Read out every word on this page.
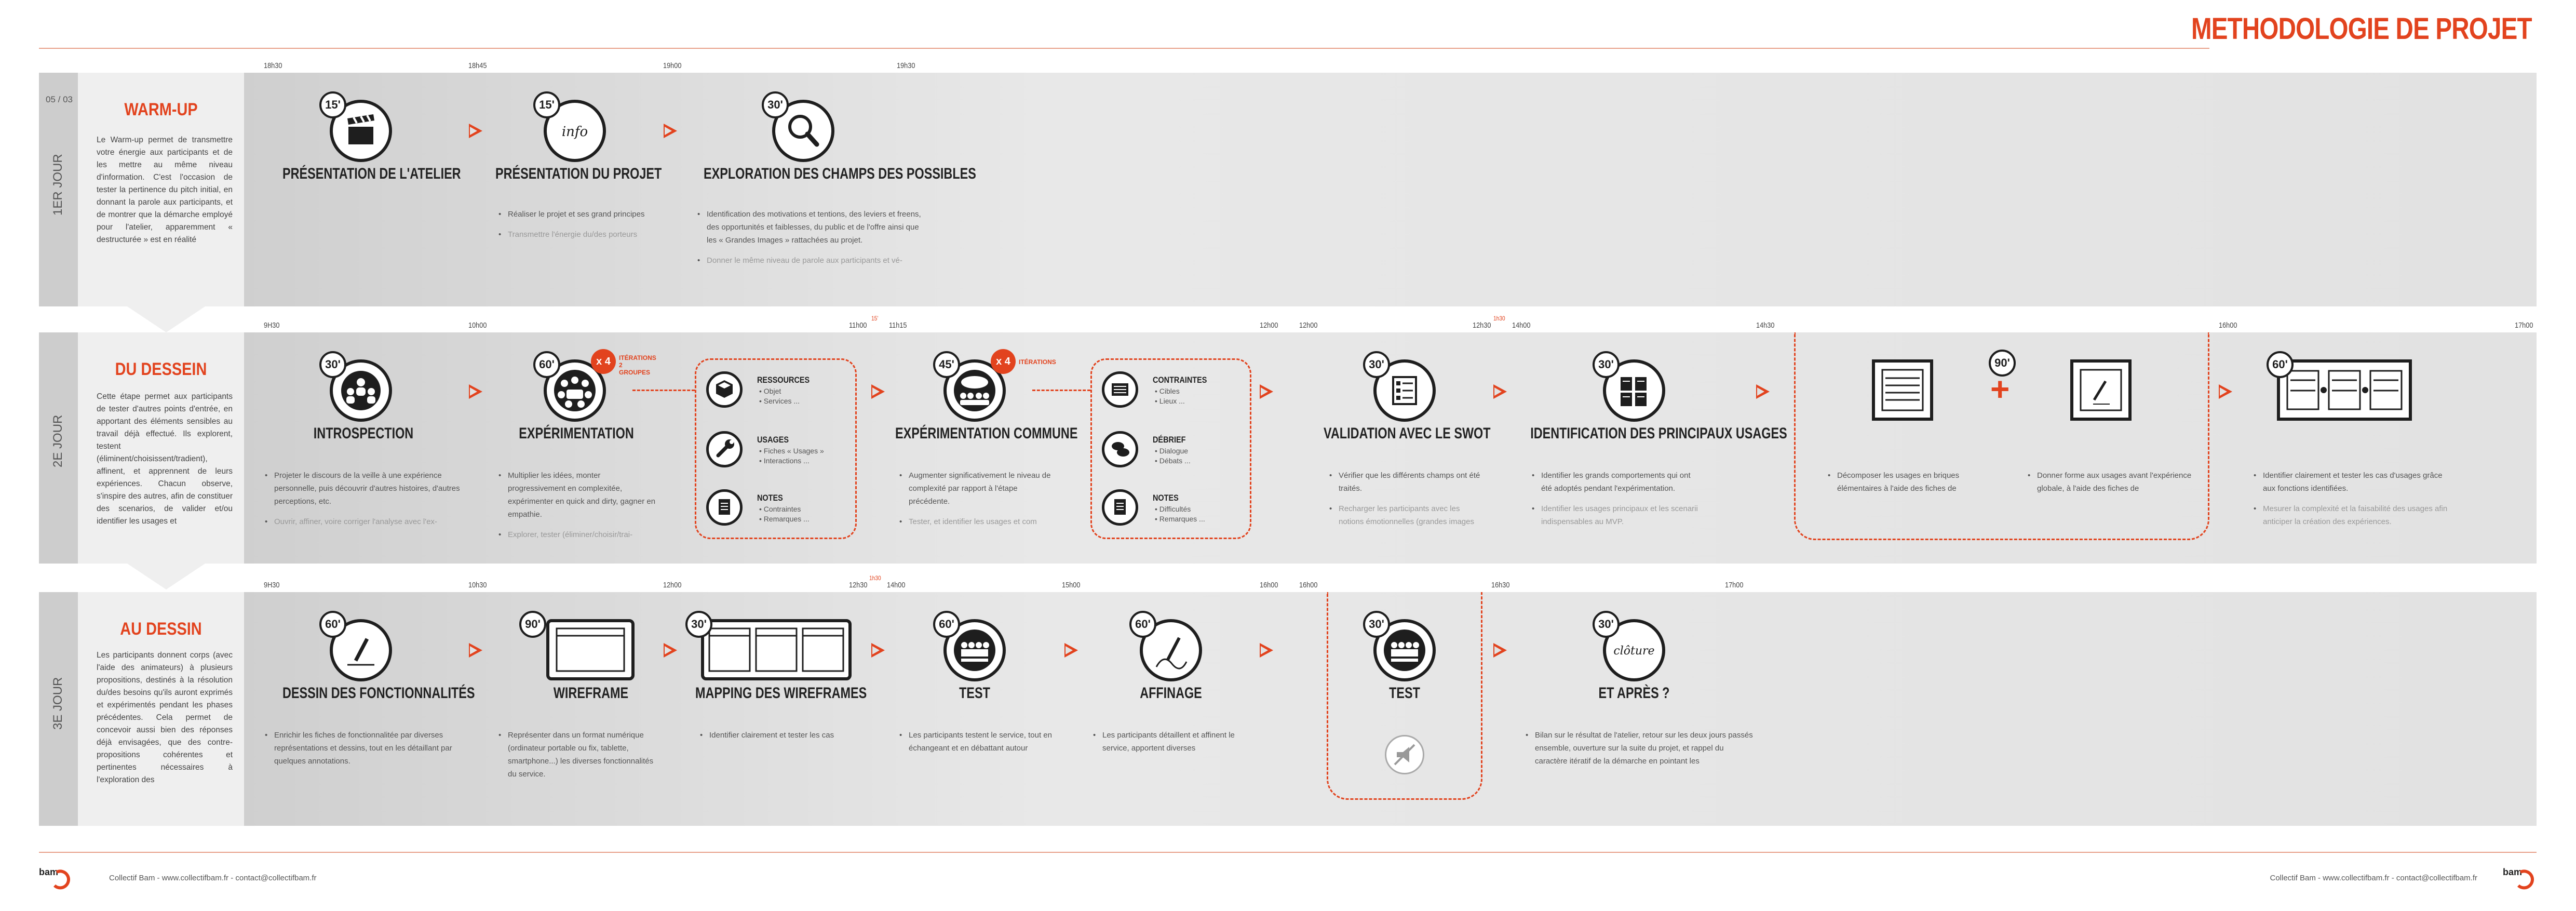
METHODOLOGIE DE PROJET
05 / 03
1ER JOUR
WARM-UP

Le Warm-up permet de transmettre votre énergie aux participants et de les mettre au même niveau d'information. C'est l'occasion de tester la pertinence du pitch initial, en donnant la parole aux participants, et de montrer que la démarche employé pour l'atelier, apparemment « destructurée » est en réalité

18h30	18h45	19h00	19h30
15'
PRÉSENTATION DE L'ATELIER
info
15'
PRÉSENTATION DU PROJET
• Réaliser le projet et ses grand principes
• Transmettre l'énergie du/des porteurs
30'
EXPLORATION DES CHAMPS DES POSSIBLES
• Identification des motivations et tentions, des leviers et freens, des opportunités et faiblesses, du public et de l'offre ainsi que les « Grandes Images » rattachées au projet.
• Donner le même niveau de parole aux participants et vé-
2E JOUR
DU DESSEIN

Cette étape permet aux participants de tester d'autres points d'entrée, en apportant des éléments sensibles au travail déjà effectué. Ils explorent, testent (éliminent/choisissent/tradient), affinent, et apprennent de leurs expériences. Chacun observe, s'inspire des autres, afin de constituer des scenarios, de valider et/ou identifier les usages et

9H30	10h00	11h00
15'
11h15	12h00	12h00	12h30
1h30
14h00	14h30	16h00	17h00
30'
INTROSPECTION
• Projeter le discours de la veille à une expérience personnelle, puis découvrir d'autres histoires, d'autres perceptions, etc.
• Ouvrir, affiner, voire corriger l'analyse avec l'ex-
60'	x 4	ITÉRATIONS 2 GROUPES
EXPÉRIMENTATION
• Multiplier les idées, monter progressivement en complexitée, expérimenter en quick and dirty, gagner en empathie.
• Explorer, tester (éliminer/choisir/trai-
RESSOURCES
• Objet
• Services ...
USAGES
• Fiches « Usages »
• Interactions ...
NOTES
• Contraintes
• Remarques ...
45'	x 4	ITÉRATIONS
EXPÉRIMENTATION COMMUNE
• Augmenter significativement le niveau de complexité par rapport à l'étape précédente.
• Tester, et identifier les usages et com
CONTRAINTES
• Cibles
• Lieux ...
DÉBRIEF
• Dialogue
• Débats ...
NOTES
• Difficultés
• Remarques ...
30'
VALIDATION AVEC LE SWOT
• Vérifier que les différents champs ont été traités.
• Recharger les participants avec les notions émotionnelles (grandes images
30'
IDENTIFICATION DES PRINCIPAUX USAGES
• Identifier les grands comportements qui ont été adoptés pendant l'expérimentation.
• Identifier les usages principaux et les scenarii indispensables au MVP.
90'
+
• Décomposer les usages en briques élémentaires à l'aide des fiches de
• Donner forme aux usages avant l'expérience globale, à l'aide des fiches de
60'
• Identifier clairement et tester les cas d'usages grâce aux fonctions identifiées.
• Mesurer la complexité et la faisabilité des usages afin anticiper la création des expériences.
3E JOUR
AU DESSIN

Les participants donnent corps (avec l'aide des animateurs) à plusieurs propositions, destinés à la résolution du/des besoins qu'ils auront exprimés et expérimentés pendant les phases précédentes. Cela permet de concevoir aussi bien des réponses déjà envisagées, que des contre-propositions cohérentes et pertinentes nécessaires à l'exploration des

9H30	10h30	12h00	12h30
1h30
14h00	15h00	16h00	16h00	16h30	17h00
60'
DESSIN DES FONCTIONNALITÉS
• Enrichir les fiches de fonctionnalitée par diverses représentations et dessins, tout en les détaillant par quelques annotations.
90'
WIREFRAME
• Représenter dans un format numérique (ordinateur portable ou fix, tablette, smartphone...) les diverses fonctionnalités du service.
30'
MAPPING DES WIREFRAMES
• Identifier clairement et tester les cas
60'
TEST
• Les participants testent le service, tout en échangeant et en débattant autour
60'
AFFINAGE
• Les participants détaillent et affinent le service, apportent diverses
30'
TEST
clôture
30'
ET APRÈS ?
• Bilan sur le résultat de l'atelier, retour sur les deux jours passés ensemble, ouverture sur la suite du projet, et rappel du caractère itératif de la démarche en pointant les
bam
Collectif Bam - www.collectifbam.fr - contact@collectifbam.fr	Collectif Bam - www.collectifbam.fr - contact@collectifbam.fr
bam
